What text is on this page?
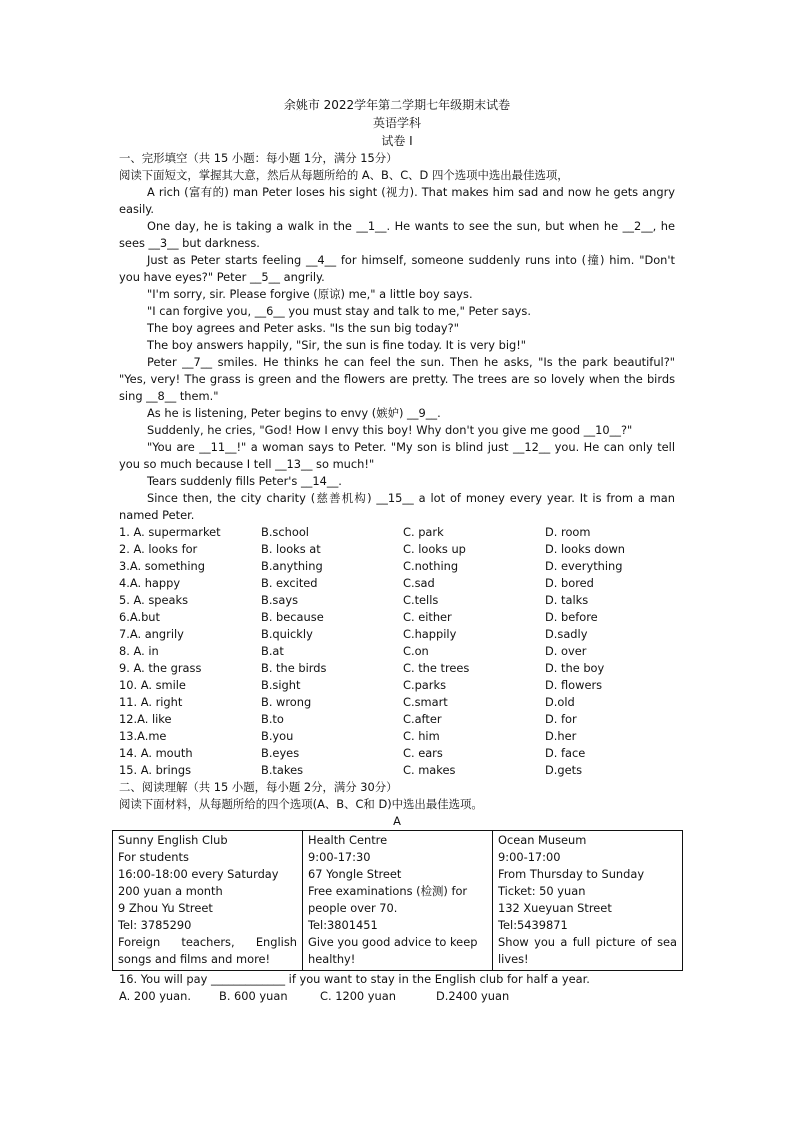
余姚市 2022学年第二学期七年级期末试卷
英语学科
试卷 I
一、完形填空（共 15 小题：每小题 1分，满分 15分）
阅读下面短文，掌握其大意，然后从每题所给的 A、B、C、D 四个选项中选出最佳选项，

A rich (富有的) man Peter loses his sight (视力). That makes him sad and now he gets angry easily.

One day, he is taking a walk in the __1__. He wants to see the sun, but when he __2__, he sees __3__ but darkness.

Just as Peter starts feeling __4__ for himself, someone suddenly runs into (撞) him. "Don't you have eyes?" Peter __5__ angrily.

"I'm sorry, sir. Please forgive (原谅) me," a little boy says.

"I can forgive you, __6__ you must stay and talk to me," Peter says.

The boy agrees and Peter asks. "Is the sun big today?"

The boy answers happily, "Sir, the sun is fine today. It is very big!"

Peter __7__ smiles. He thinks he can feel the sun. Then he asks, "Is the park beautiful?" "Yes, very! The grass is green and the flowers are pretty. The trees are so lovely when the birds sing __8__ them."

As he is listening, Peter begins to envy (嫉妒) __9__.

Suddenly, he cries, "God! How I envy this boy! Why don't you give me good __10__?"

"You are __11__!" a woman says to Peter. "My son is blind just __12__ you. He can only tell you so much because I tell __13__ so much!"

Tears suddenly fills Peter's __14__.

Since then, the city charity (慈善机构) __15__ a lot of money every year. It is from a man named Peter.

1. A. supermarket	B.school	C. park	D. room
2. A. looks for	B. looks at	C. looks up	D. looks down
3.A. something	B.anything	C.nothing	D. everything
4.A. happy	B. excited	C.sad	D. bored
5. A. speaks	B.says	C.tells	D. talks
6.A.but	B. because	C. either	D. before
7.A. angrily	B.quickly	C.happily	D.sadly
8. A. in	B.at	C.on	D. over
9. A. the grass	B. the birds	C. the trees	D. the boy
10. A. smile	B.sight	C.parks	D. flowers
11. A. right	B. wrong	C.smart	D.old
12.A. like	B.to	C.after	D. for
13.A.me	B.you	C. him	D.her
14. A. mouth	B.eyes	C. ears	D. face
15. A. brings	B.takes	C. makes	D.gets
二、阅读理解（共 15 小题，每小题 2分，满分 30分）
阅读下面材料，从每题所给的四个选项(A、B、C和 D)中选出最佳选项。
A
Sunny English Club
For students
16:00-18:00 every Saturday
200 yuan a month
9 Zhou Yu Street
Tel: 3785290
Foreign teachers, English songs and films and more!

Health Centre
9:00-17:30
67 Yongle Street
Free examinations (检测) for people over 70.
Tel:3801451
Give you good advice to keep healthy!

Ocean Museum
9:00-17:00
From Thursday to Sunday
Ticket: 50 yuan
132 Xueyuan Street
Tel:5439871
Show you a full picture of sea lives!
16. You will pay _____________ if you want to stay in the English club for half a year.
A. 200 yuan.	B. 600 yuan	C. 1200 yuan	D.2400 yuan
